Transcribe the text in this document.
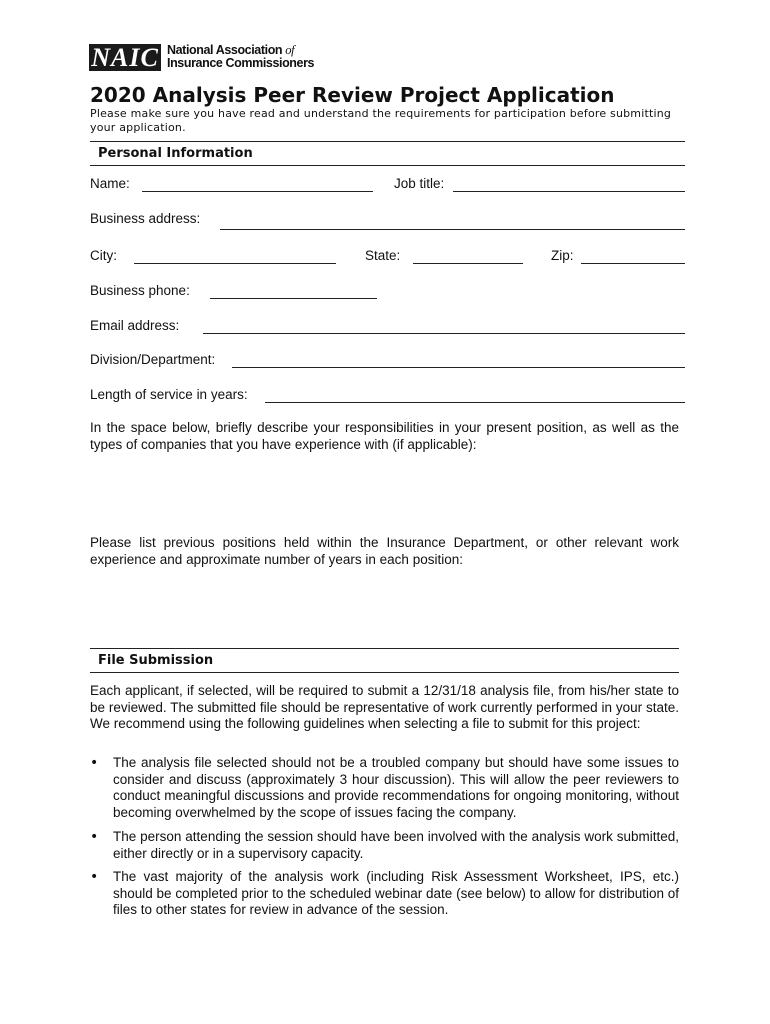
NAIC National Association of
Insurance Commissioners
2020 Analysis Peer Review Project Application
Please make sure you have read and understand the requirements for participation before submitting your application.
Personal Information
Name:	Job title:
Business address:
City:	State:	Zip:
Business phone:
Email address:
Division/Department:
Length of service in years:
In the space below, briefly describe your responsibilities in your present position, as well as the types of companies that you have experience with (if applicable):
Please list previous positions held within the Insurance Department, or other relevant work experience and approximate number of years in each position:
File Submission
Each applicant, if selected, will be required to submit a 12/31/18 analysis file, from his/her state to be reviewed. The submitted file should be representative of work currently performed in your state. We recommend using the following guidelines when selecting a file to submit for this project:
• The analysis file selected should not be a troubled company but should have some issues to consider and discuss (approximately 3 hour discussion). This will allow the peer reviewers to conduct meaningful discussions and provide recommendations for ongoing monitoring, without becoming overwhelmed by the scope of issues facing the company.
• The person attending the session should have been involved with the analysis work submitted, either directly or in a supervisory capacity.
• The vast majority of the analysis work (including Risk Assessment Worksheet, IPS, etc.) should be completed prior to the scheduled webinar date (see below) to allow for distribution of files to other states for review in advance of the session.
